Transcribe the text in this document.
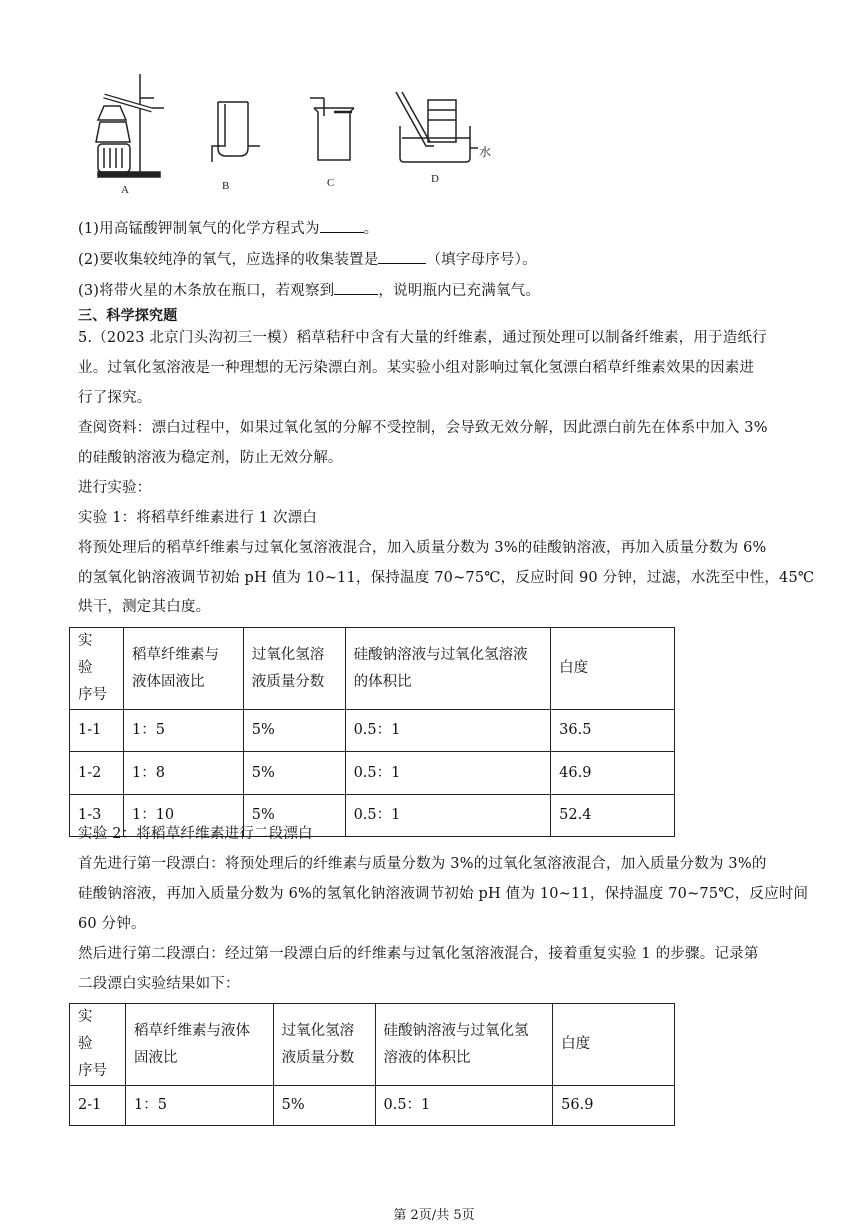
A	B	C	D
水
(1)用高锰酸钾制氧气的化学方程式为	。
(2)要收集较纯净的氧气，应选择的收集装置是	（填字母序号）。
(3)将带火星的木条放在瓶口，若观察到	，说明瓶内已充满氧气。
三、科学探究题
5.（2023 北京门头沟初三一模）稻草秸秆中含有大量的纤维素，通过预处理可以制备纤维素，用于造纸行
业。过氧化氢溶液是一种理想的无污染漂白剂。某实验小组对影响过氧化氢漂白稻草纤维素效果的因素进
行了探究。
查阅资料：漂白过程中，如果过氧化氢的分解不受控制，会导致无效分解，因此漂白前先在体系中加入 3%
的硅酸钠溶液为稳定剂，防止无效分解。
进行实验：
实验 1：将稻草纤维素进行 1 次漂白
将预处理后的稻草纤维素与过氧化氢溶液混合，加入质量分数为 3%的硅酸钠溶液，再加入质量分数为 6%
的氢氧化钠溶液调节初始 pH 值为 10~11，保持温度 70~75℃，反应时间 90 分钟，过滤，水洗至中性，45℃
烘干，测定其白度。
实　验
序号	稻草纤维素与
液体固液比	过氧化氢溶
液质量分数	硅酸钠溶液与过氧化氢溶液
的体积比	白度
1-1	1：5	5%	0.5：1	36.5
1-2	1：8	5%	0.5：1	46.9
1-3	1：10	5%	0.5：1	52.4
实验 2：将稻草纤维素进行二段漂白
首先进行第一段漂白：将预处理后的纤维素与质量分数为 3%的过氧化氢溶液混合，加入质量分数为 3%的
硅酸钠溶液，再加入质量分数为 6%的氢氧化钠溶液调节初始 pH 值为 10~11，保持温度 70~75℃，反应时间
60 分钟。
然后进行第二段漂白：经过第一段漂白后的纤维素与过氧化氢溶液混合，接着重复实验 1 的步骤。记录第
二段漂白实验结果如下：
实　验
序号	稻草纤维素与液体
固液比	过氧化氢溶
液质量分数	硅酸钠溶液与过氧化氢
溶液的体积比	白度
2-1	1：5	5%	0.5：1	56.9
第 2页/共 5页
